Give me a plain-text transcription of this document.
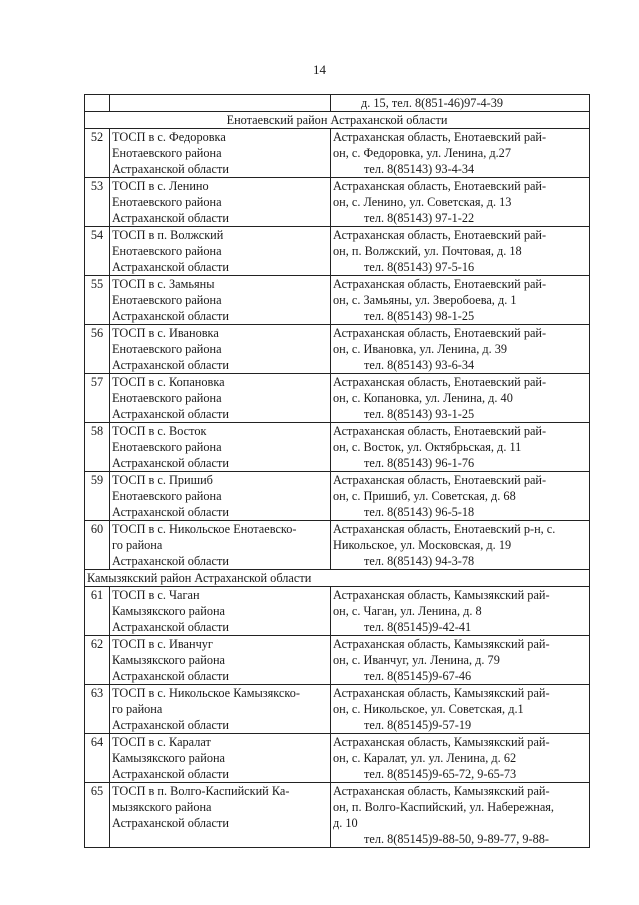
14
		д. 15, тел. 8(851-46)97-4-39
Енотаевский район Астраханской области		
52	ТОСП в с. Федоровка
Енотаевского района
Астраханской области	Астраханская область, Енотаевский рай-
он, с. Федоровка, ул. Ленина, д.27
тел. 8(85143) 93-4-34

53	ТОСП в с. Ленино
Енотаевского района
Астраханской области	Астраханская область, Енотаевский рай-
он, с. Ленино, ул. Советская, д. 13
тел. 8(85143) 97-1-22

54	ТОСП в п. Волжский
Енотаевского района
Астраханской области	Астраханская область, Енотаевский рай-
он, п. Волжский, ул. Почтовая, д. 18
тел. 8(85143) 97-5-16

55	ТОСП в с. Замьяны
Енотаевского района
Астраханской области	Астраханская область, Енотаевский рай-
он, с. Замьяны, ул. Зверобоева, д. 1
тел. 8(85143) 98-1-25

56	ТОСП в с. Ивановка
Енотаевского района
Астраханской области	Астраханская область, Енотаевский рай-
он, с. Ивановка, ул. Ленина, д. 39
тел. 8(85143) 93-6-34

57	ТОСП в с. Копановка
Енотаевского района
Астраханской области	Астраханская область, Енотаевский рай-
он, с. Копановка, ул. Ленина, д. 40
тел. 8(85143) 93-1-25

58	ТОСП в с. Восток
Енотаевского района
Астраханской области	Астраханская область, Енотаевский рай-
он, с. Восток, ул. Октябрьская, д. 11
тел. 8(85143) 96-1-76

59	ТОСП в с. Пришиб
Енотаевского района
Астраханской области	Астраханская область, Енотаевский рай-
он, с. Пришиб, ул. Советская, д. 68
тел. 8(85143) 96-5-18

60	ТОСП в с. Никольское Енотаевско-
го района
Астраханской области	Астраханская область, Енотаевский р-н, с.
Никольское, ул. Московская, д. 19
тел. 8(85143) 94-3-78

Камызякский район Астраханской области		
61	ТОСП в с. Чаган
Камызякского района
Астраханской области	Астраханская область, Камызякский рай-
он, с. Чаган, ул. Ленина, д. 8
тел. 8(85145)9-42-41

62	ТОСП в с. Иванчуг
Камызякского района
Астраханской области	Астраханская область, Камызякский рай-
он, с. Иванчуг, ул. Ленина, д. 79
тел. 8(85145)9-67-46

63	ТОСП в с. Никольское Камызякско-
го района
Астраханской области	Астраханская область, Камызякский рай-
он, с. Никольское, ул. Советская, д.1
тел. 8(85145)9-57-19

64	ТОСП в с. Каралат
Камызякского района
Астраханской области	Астраханская область, Камызякский рай-
он, с. Каралат, ул. ул. Ленина, д. 62
тел. 8(85145)9-65-72, 9-65-73

65	ТОСП в п. Волго-Каспийский Ка-
мызякского района
Астраханской области	Астраханская область, Камызякский рай-
он, п. Волго-Каспийский, ул. Набережная,
д. 10
тел. 8(85145)9-88-50, 9-89-77, 9-88-
